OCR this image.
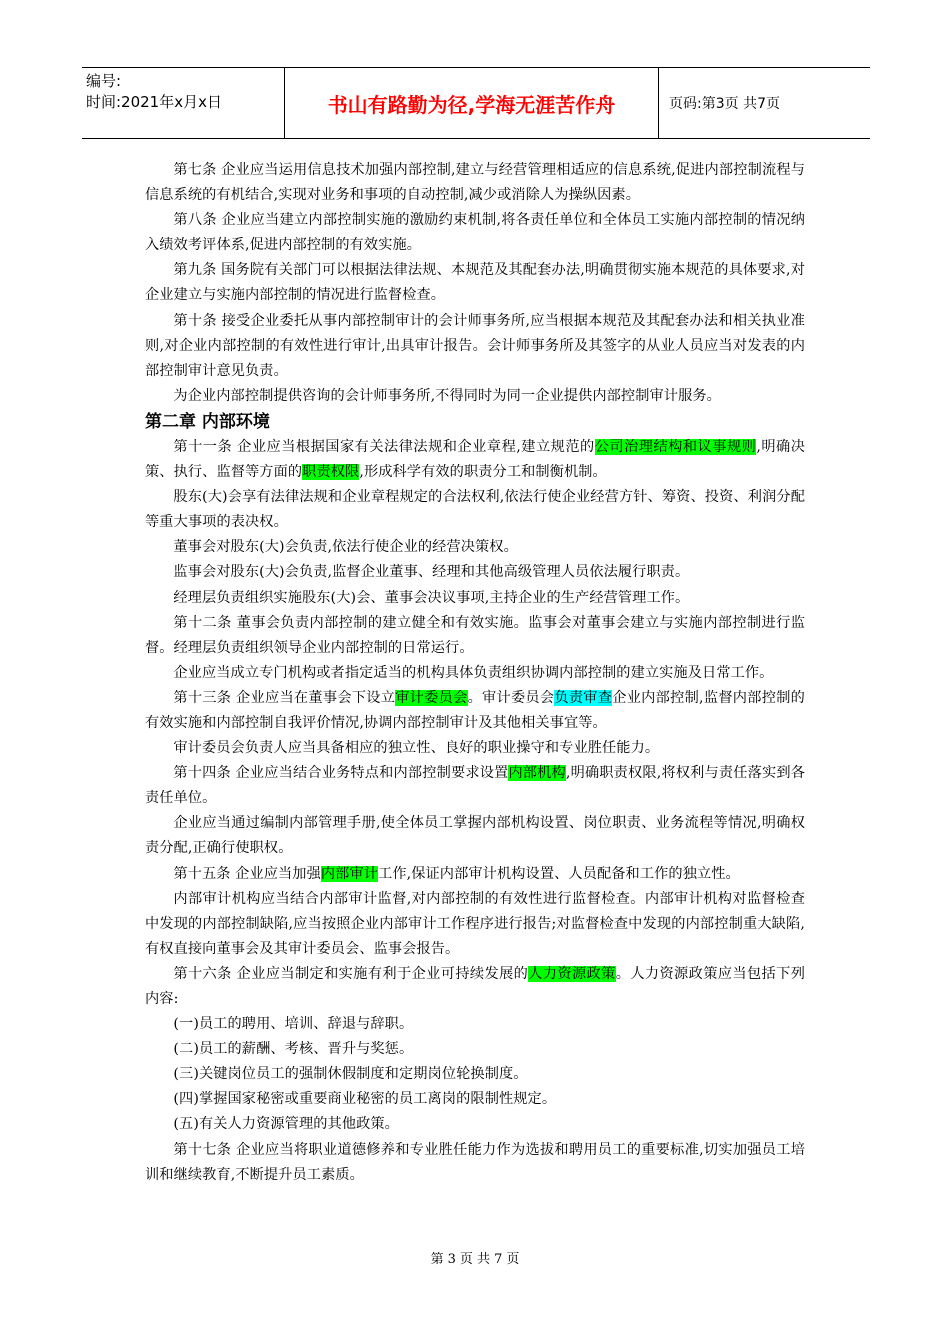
编号:
时间:2021年x月x日	书山有路勤为径,学海无涯苦作舟	页码:第3页 共7页

第七条 企业应当运用信息技术加强内部控制,建立与经营管理相适应的信息系统,促进内部控制流程与信息系统的有机结合,实现对业务和事项的自动控制,减少或消除人为操纵因素。

第八条 企业应当建立内部控制实施的激励约束机制,将各责任单位和全体员工实施内部控制的情况纳入绩效考评体系,促进内部控制的有效实施。

第九条 国务院有关部门可以根据法律法规、本规范及其配套办法,明确贯彻实施本规范的具体要求,对企业建立与实施内部控制的情况进行监督检查。

第十条 接受企业委托从事内部控制审计的会计师事务所,应当根据本规范及其配套办法和相关执业准则,对企业内部控制的有效性进行审计,出具审计报告。会计师事务所及其签字的从业人员应当对发表的内部控制审计意见负责。

为企业内部控制提供咨询的会计师事务所,不得同时为同一企业提供内部控制审计服务。

第二章 内部环境

第十一条 企业应当根据国家有关法律法规和企业章程,建立规范的公司治理结构和议事规则,明确决策、执行、监督等方面的职责权限,形成科学有效的职责分工和制衡机制。

股东(大)会享有法律法规和企业章程规定的合法权利,依法行使企业经营方针、筹资、投资、利润分配等重大事项的表决权。

董事会对股东(大)会负责,依法行使企业的经营决策权。

监事会对股东(大)会负责,监督企业董事、经理和其他高级管理人员依法履行职责。

经理层负责组织实施股东(大)会、董事会决议事项,主持企业的生产经营管理工作。

第十二条 董事会负责内部控制的建立健全和有效实施。监事会对董事会建立与实施内部控制进行监督。经理层负责组织领导企业内部控制的日常运行。

企业应当成立专门机构或者指定适当的机构具体负责组织协调内部控制的建立实施及日常工作。

第十三条 企业应当在董事会下设立审计委员会。审计委员会负责审查企业内部控制,监督内部控制的有效实施和内部控制自我评价情况,协调内部控制审计及其他相关事宜等。

审计委员会负责人应当具备相应的独立性、良好的职业操守和专业胜任能力。

第十四条 企业应当结合业务特点和内部控制要求设置内部机构,明确职责权限,将权利与责任落实到各责任单位。

企业应当通过编制内部管理手册,使全体员工掌握内部机构设置、岗位职责、业务流程等情况,明确权责分配,正确行使职权。

第十五条 企业应当加强内部审计工作,保证内部审计机构设置、人员配备和工作的独立性。

内部审计机构应当结合内部审计监督,对内部控制的有效性进行监督检查。内部审计机构对监督检查中发现的内部控制缺陷,应当按照企业内部审计工作程序进行报告;对监督检查中发现的内部控制重大缺陷,有权直接向董事会及其审计委员会、监事会报告。

第十六条 企业应当制定和实施有利于企业可持续发展的人力资源政策。人力资源政策应当包括下列内容:

(一)员工的聘用、培训、辞退与辞职。

(二)员工的薪酬、考核、晋升与奖惩。

(三)关键岗位员工的强制休假制度和定期岗位轮换制度。

(四)掌握国家秘密或重要商业秘密的员工离岗的限制性规定。

(五)有关人力资源管理的其他政策。

第十七条 企业应当将职业道德修养和专业胜任能力作为选拔和聘用员工的重要标准,切实加强员工培训和继续教育,不断提升员工素质。

第 3 页 共 7 页
